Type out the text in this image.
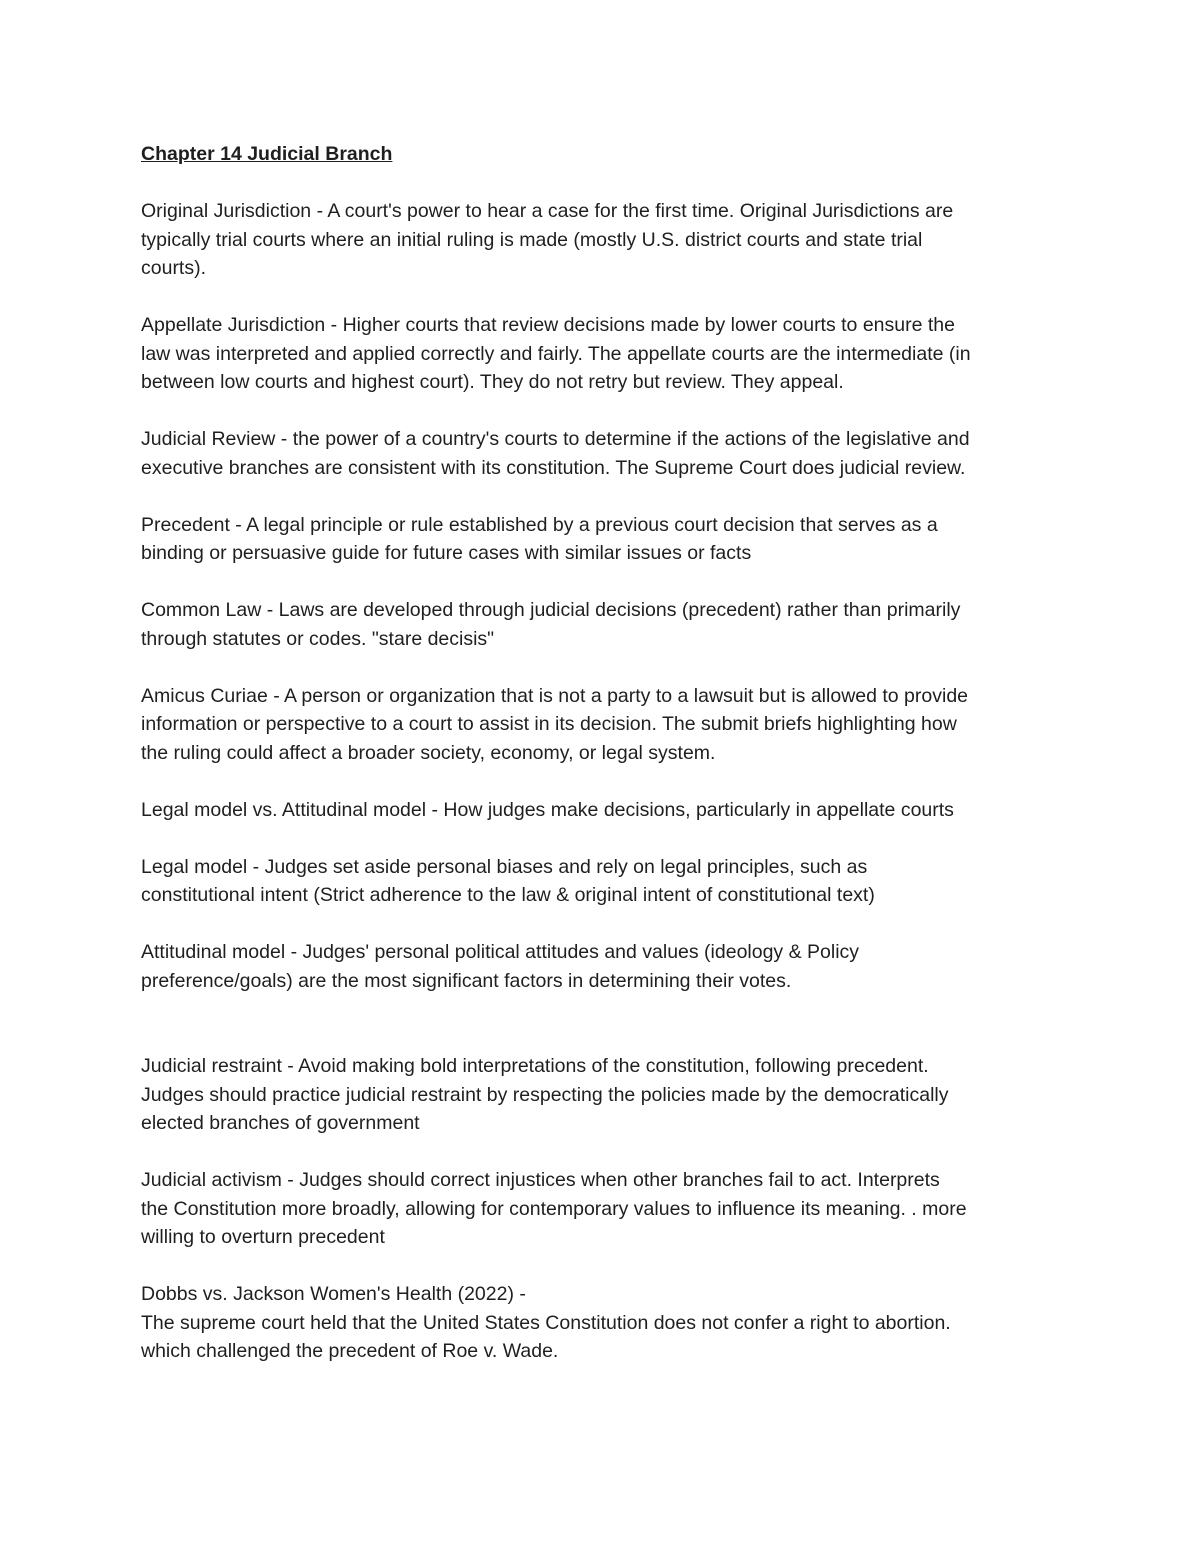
Chapter 14 Judicial Branch

Original Jurisdiction - A court's power to hear a case for the first time. Original Jurisdictions are
typically trial courts where an initial ruling is made (mostly U.S. district courts and state trial
courts).

Appellate Jurisdiction - Higher courts that review decisions made by lower courts to ensure the
law was interpreted and applied correctly and fairly. The appellate courts are the intermediate (in
between low courts and highest court). They do not retry but review. They appeal.

Judicial Review - the power of a country's courts to determine if the actions of the legislative and
executive branches are consistent with its constitution. The Supreme Court does judicial review.

Precedent - A legal principle or rule established by a previous court decision that serves as a
binding or persuasive guide for future cases with similar issues or facts

Common Law - Laws are developed through judicial decisions (precedent) rather than primarily
through statutes or codes. "stare decisis"

Amicus Curiae - A person or organization that is not a party to a lawsuit but is allowed to provide
information or perspective to a court to assist in its decision. The submit briefs highlighting how
the ruling could affect a broader society, economy, or legal system.

Legal model vs. Attitudinal model - How judges make decisions, particularly in appellate courts

Legal model - Judges set aside personal biases and rely on legal principles, such as
constitutional intent (Strict adherence to the law & original intent of constitutional text)

Attitudinal model - Judges' personal political attitudes and values (ideology & Policy
preference/goals) are the most significant factors in determining their votes.

Judicial restraint - Avoid making bold interpretations of the constitution, following precedent.
Judges should practice judicial restraint by respecting the policies made by the democratically
elected branches of government

Judicial activism - Judges should correct injustices when other branches fail to act. Interprets
the Constitution more broadly, allowing for contemporary values to influence its meaning. . more
willing to overturn precedent

Dobbs vs. Jackson Women's Health (2022) -
The supreme court held that the United States Constitution does not confer a right to abortion.
which challenged the precedent of Roe v. Wade.
